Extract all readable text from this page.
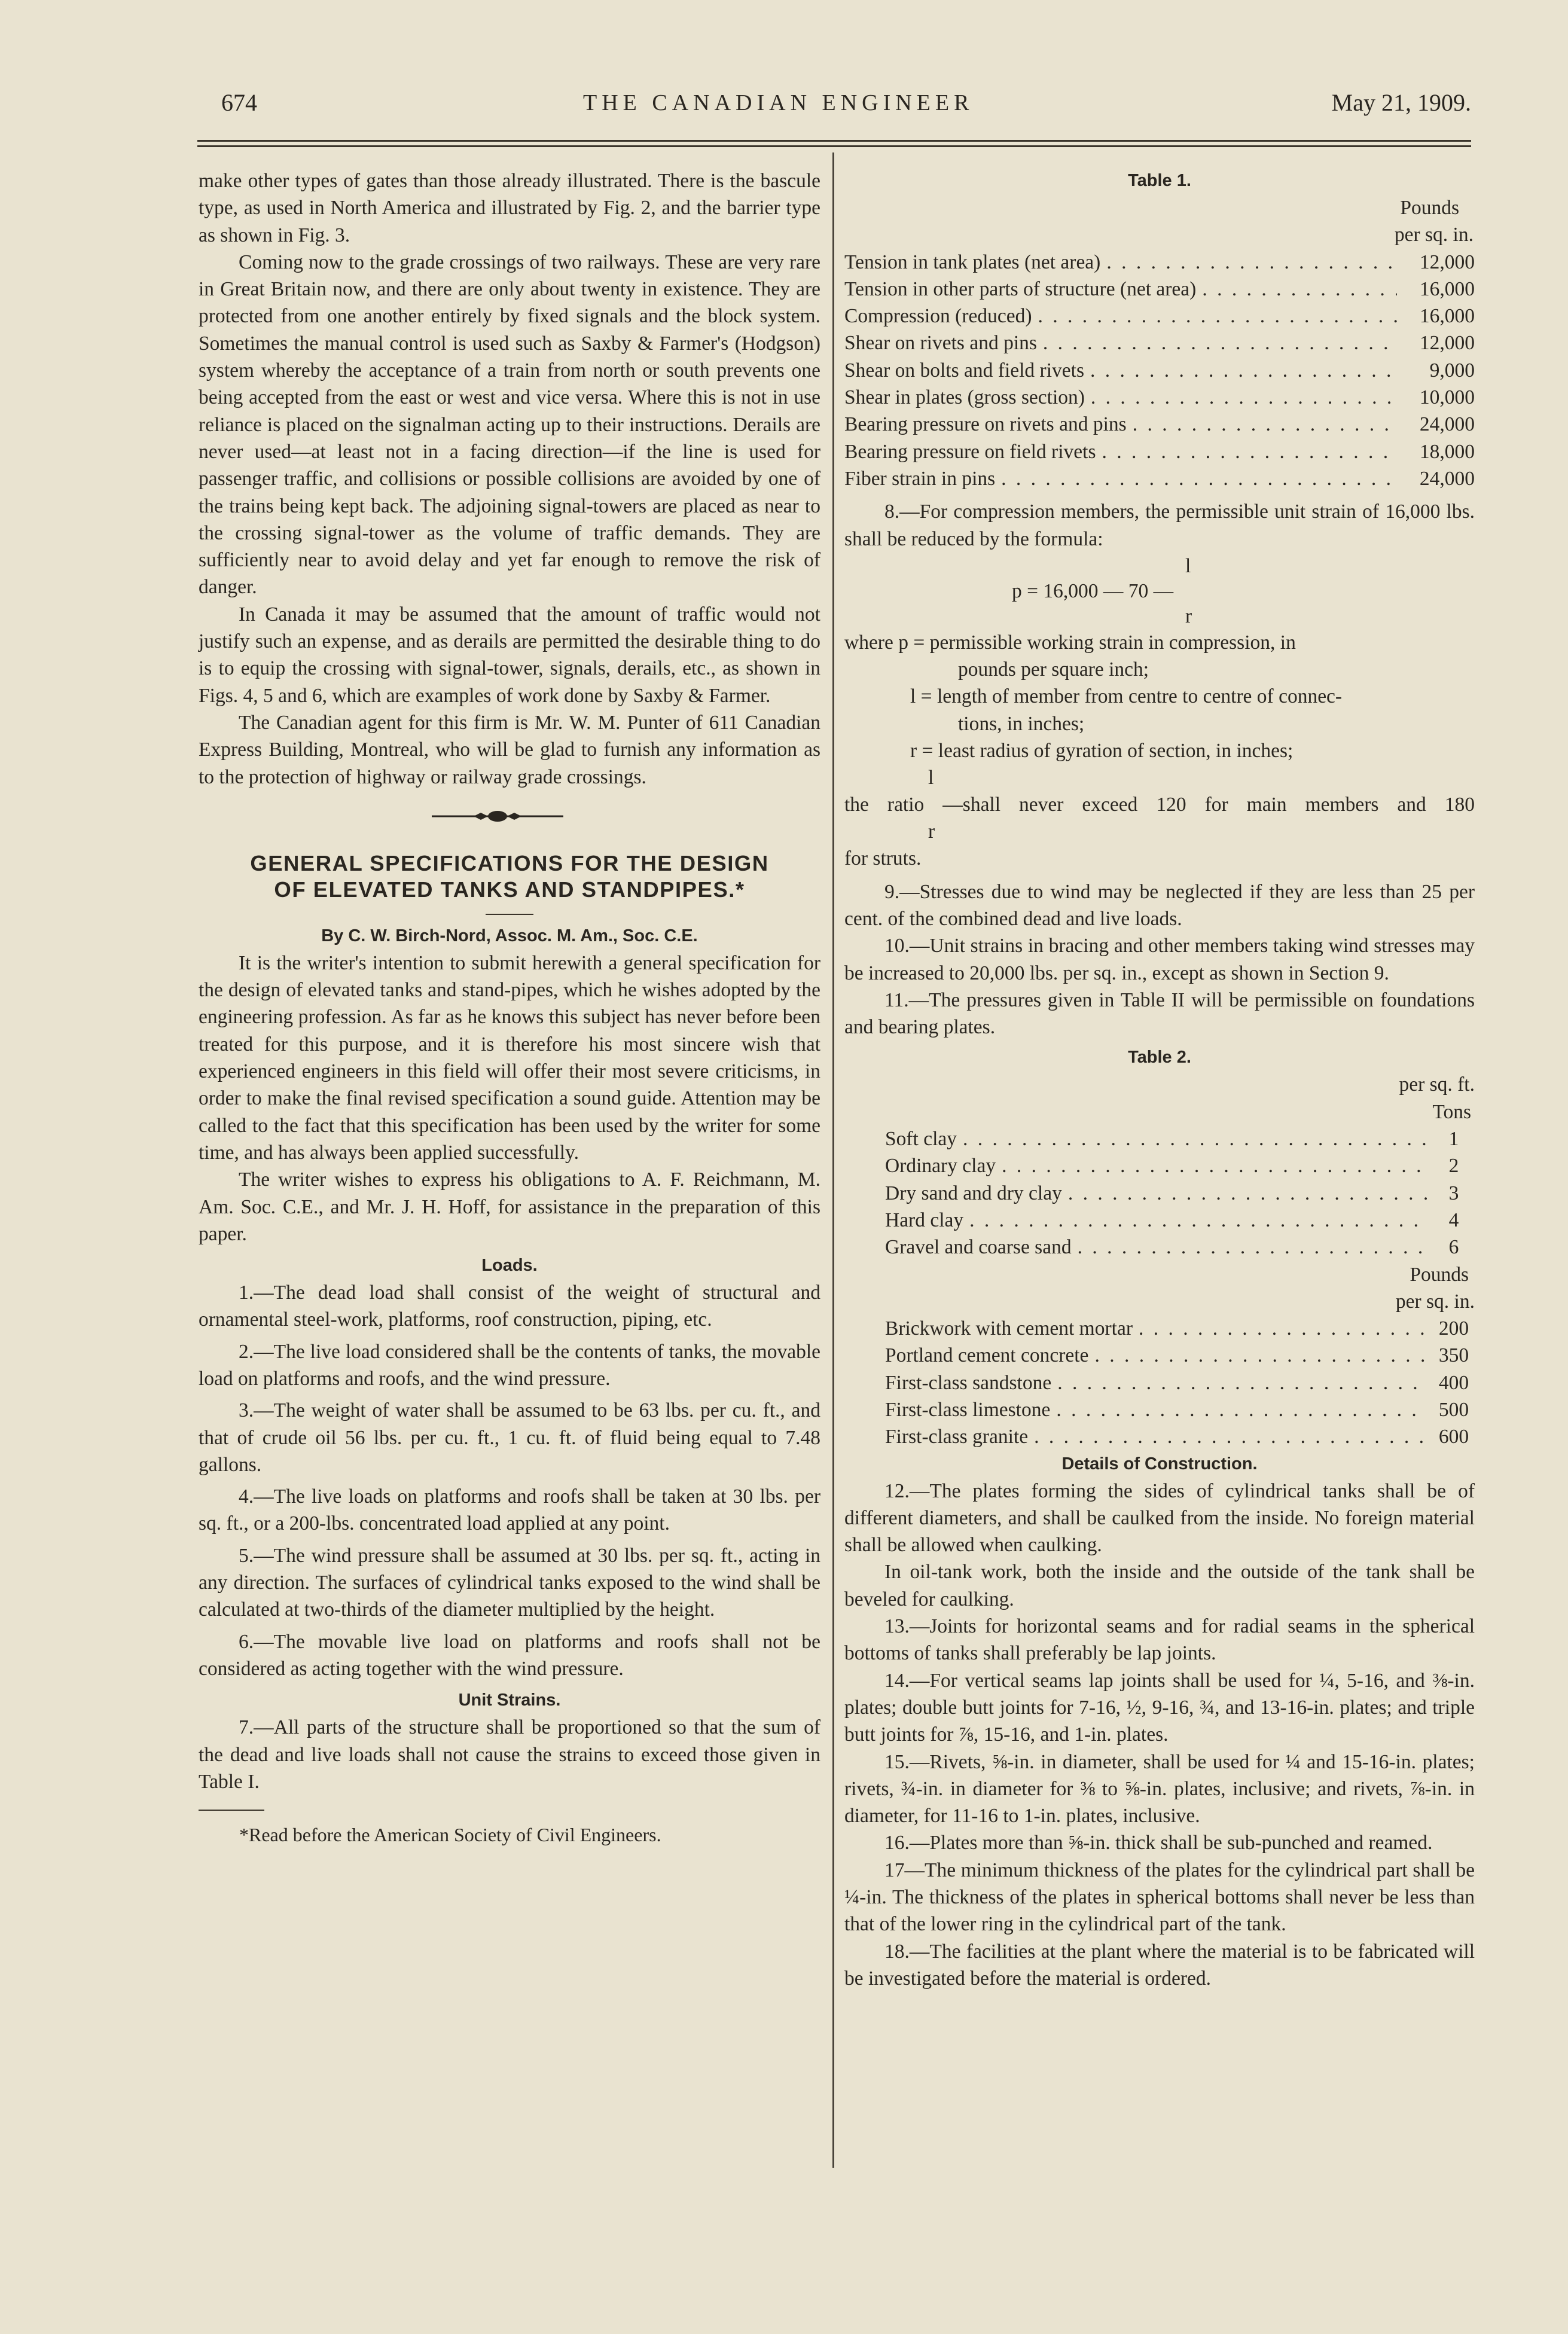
674	THE CANADIAN ENGINEER	May 21, 1909.

make other types of gates than those already illustrated. There is the bascule type, as used in North America and illustrated by Fig. 2, and the barrier type as shown in Fig. 3.

Coming now to the grade crossings of two railways. These are very rare in Great Britain now, and there are only about twenty in existence. They are protected from one another entirely by fixed signals and the block system. Sometimes the manual control is used such as Saxby & Farmer's (Hodgson) system whereby the acceptance of a train from north or south prevents one being accepted from the east or west and vice versa. Where this is not in use reliance is placed on the signalman acting up to their instructions. Derails are never used—at least not in a facing direction—if the line is used for passenger traffic, and collisions or possible collisions are avoided by one of the trains being kept back. The adjoining signal-towers are placed as near to the crossing signal-tower as the volume of traffic demands. They are sufficiently near to avoid delay and yet far enough to remove the risk of danger.

In Canada it may be assumed that the amount of traffic would not justify such an expense, and as derails are permitted the desirable thing to do is to equip the crossing with signal-tower, signals, derails, etc., as shown in Figs. 4, 5 and 6, which are examples of work done by Saxby & Farmer.

The Canadian agent for this firm is Mr. W. M. Punter of 611 Canadian Express Building, Montreal, who will be glad to furnish any information as to the protection of highway or railway grade crossings.

GENERAL SPECIFICATIONS FOR THE DESIGN
OF ELEVATED TANKS AND STANDPIPES.*
By C. W. Birch-Nord, Assoc. M. Am., Soc. C.E.

It is the writer's intention to submit herewith a general specification for the design of elevated tanks and stand-pipes, which he wishes adopted by the engineering profession. As far as he knows this subject has never before been treated for this purpose, and it is therefore his most sincere wish that experienced engineers in this field will offer their most severe criticisms, in order to make the final revised specification a sound guide. Attention may be called to the fact that this specification has been used by the writer for some time, and has always been applied successfully.

The writer wishes to express his obligations to A. F. Reichmann, M. Am. Soc. C.E., and Mr. J. H. Hoff, for assistance in the preparation of this paper.

Loads.

1.—The dead load shall consist of the weight of structural and ornamental steel-work, platforms, roof construction, piping, etc.

2.—The live load considered shall be the contents of tanks, the movable load on platforms and roofs, and the wind pressure.

3.—The weight of water shall be assumed to be 63 lbs. per cu. ft., and that of crude oil 56 lbs. per cu. ft., 1 cu. ft. of fluid being equal to 7.48 gallons.

4.—The live loads on platforms and roofs shall be taken at 30 lbs. per sq. ft., or a 200-lbs. concentrated load applied at any point.

5.—The wind pressure shall be assumed at 30 lbs. per sq. ft., acting in any direction. The surfaces of cylindrical tanks exposed to the wind shall be calculated at two-thirds of the diameter multiplied by the height.

6.—The movable live load on platforms and roofs shall not be considered as acting together with the wind pressure.

Unit Strains.

7.—All parts of the structure shall be proportioned so that the sum of the dead and live loads shall not cause the strains to exceed those given in Table I.

*Read before the American Society of Civil Engineers.
Table 1.
Pounds
per sq. in.
Tension in tank plates (net area) . . .	12,000
Tension in other parts of structure (net area) . . .	16,000
Compression (reduced) . . .	16,000
Shear on rivets and pins . . .	12,000
Shear on bolts and field rivets . . .	9,000
Shear in plates (gross section) . . .	10,000
Bearing pressure on rivets and pins . . .	24,000
Bearing pressure on field rivets . . .	18,000
Fiber strain in pins . . .	24,000

8.—For compression members, the permissible unit strain of 16,000 lbs. shall be reduced by the formula:

l
p = 16,000 — 70 —
r
where p = permissible working strain in compression, in
pounds per square inch;
l = length of member from centre to centre of connec-
tions, in inches;
r = least radius of gyration of section, in inches;
l
the ratio —shall never exceed 120 for main members and 180
r
for struts.

9.—Stresses due to wind may be neglected if they are less than 25 per cent. of the combined dead and live loads.

10.—Unit strains in bracing and other members taking wind stresses may be increased to 20,000 lbs. per sq. in., except as shown in Section 9.

11.—The pressures given in Table II will be permissible on foundations and bearing plates.

Table 2.
per sq. ft.
Tons
Soft clay . . .	1
Ordinary clay . . .	2
Dry sand and dry clay . . .	3
Hard clay . . .	4
Gravel and coarse sand . . .	6
Pounds
per sq. in.
Brickwork with cement mortar . . .	200
Portland cement concrete . . .	350
First-class sandstone . . .	400
First-class limestone . . .	500
First-class granite . . .	600
Details of Construction.

12.—The plates forming the sides of cylindrical tanks shall be of different diameters, and shall be caulked from the inside. No foreign material shall be allowed when caulking.

In oil-tank work, both the inside and the outside of the tank shall be beveled for caulking.

13.—Joints for horizontal seams and for radial seams in the spherical bottoms of tanks shall preferably be lap joints.

14.—For vertical seams lap joints shall be used for ¼, 5-16, and ⅜-in. plates; double butt joints for 7-16, ½, 9-16, ¾, and 13-16-in. plates; and triple butt joints for ⅞, 15-16, and 1-in. plates.

15.—Rivets, ⅝-in. in diameter, shall be used for ¼ and 15-16-in. plates; rivets, ¾-in. in diameter for ⅜ to ⅝-in. plates, inclusive; and rivets, ⅞-in. in diameter, for 11-16 to 1-in. plates, inclusive.

16.—Plates more than ⅝-in. thick shall be sub-punched and reamed.

17—The minimum thickness of the plates for the cylindrical part shall be ¼-in. The thickness of the plates in spherical bottoms shall never be less than that of the lower ring in the cylindrical part of the tank.

18.—The facilities at the plant where the material is to be fabricated will be investigated before the material is ordered.
